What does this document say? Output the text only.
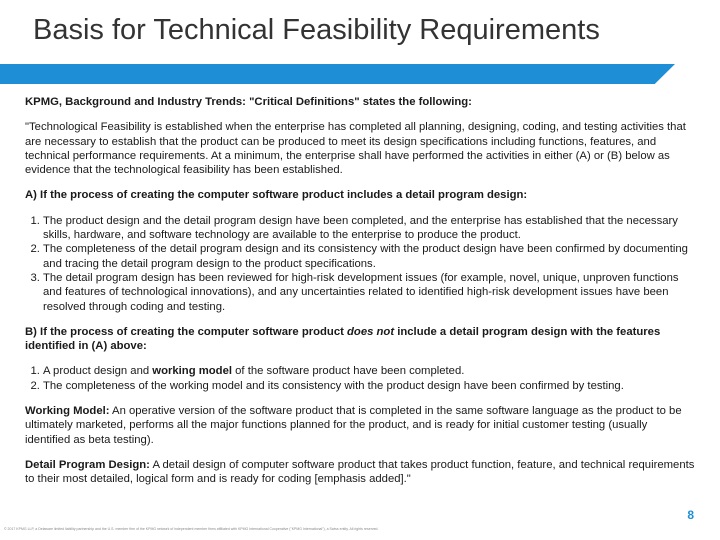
Basis for Technical Feasibility Requirements

KPMG, Background and Industry Trends: "Critical Definitions" states the following:

"Technological Feasibility is established when the enterprise has completed all planning, designing, coding, and testing activities that are necessary to establish that the product can be produced to meet its design specifications including functions, features, and technical performance requirements. At a minimum, the enterprise shall have performed the activities in either (A) or (B) below as evidence that the technological feasibility has been established.

A) If the process of creating the computer software product includes a detail program design:

1. The product design and the detail program design have been completed, and the enterprise has established that the necessary skills, hardware, and software technology are available to the enterprise to produce the product.
2. The completeness of the detail program design and its consistency with the product design have been confirmed by documenting and tracing the detail program design to the product specifications.
3. The detail program design has been reviewed for high-risk development issues (for example, novel, unique, unproven functions and features of technological innovations), and any uncertainties related to identified high-risk development issues have been resolved through coding and testing.

B) If the process of creating the computer software product does not include a detail program design with the features identified in (A) above:

1. A product design and working model of the software product have been completed.
2. The completeness of the working model and its consistency with the product design have been confirmed by testing.

Working Model: An operative version of the software product that is completed in the same software language as the product to be ultimately marketed, performs all the major functions planned for the product, and is ready for initial customer testing (usually identified as beta testing).

Detail Program Design: A detail design of computer software product that takes product function, feature, and technical requirements to their most detailed, logical form and is ready for coding [emphasis added]."

8
© 2017 KPMG LLP, a Delaware limited liability partnership and the U.S. member firm of the KPMG network of independent member firms affiliated with KPMG International Cooperative ("KPMG International"), a Swiss entity. All rights reserved.
